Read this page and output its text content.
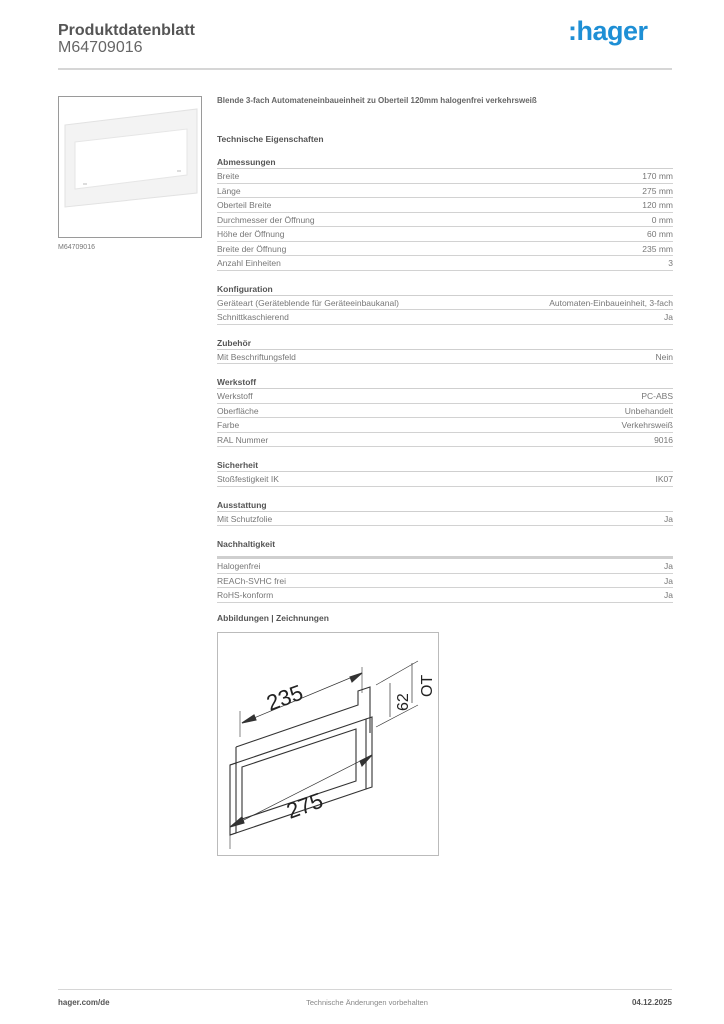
Produktdatenblatt
M64709016
:hager
M64709016
Blende 3-fach Automateneinbaueinheit zu Oberteil 120mm halogenfrei verkehrsweiß
Technische Eigenschaften
Abmessungen
Breite	170 mm
Länge	275 mm
Oberteil Breite	120 mm
Durchmesser der Öffnung	0 mm
Höhe der Öffnung	60 mm
Breite der Öffnung	235 mm
Anzahl Einheiten	3
Konfiguration
Geräteart (Geräteblende für Geräteeinbaukanal)	Automaten-Einbaueinheit, 3-fach
Schnittkaschierend	Ja
Zubehör
Mit Beschriftungsfeld	Nein
Werkstoff
Werkstoff	PC-ABS
Oberfläche	Unbehandelt
Farbe	Verkehrsweiß
RAL Nummer	9016
Sicherheit
Stoßfestigkeit IK	IK07
Ausstattung
Mit Schutzfolie	Ja
Nachhaltigkeit
Halogenfrei	Ja
REACh-SVHC frei	Ja
RoHS-konform	Ja
Abbildungen | Zeichnungen
235
275
62
OT
hager.com/de	Technische Änderungen vorbehalten	04.12.2025
